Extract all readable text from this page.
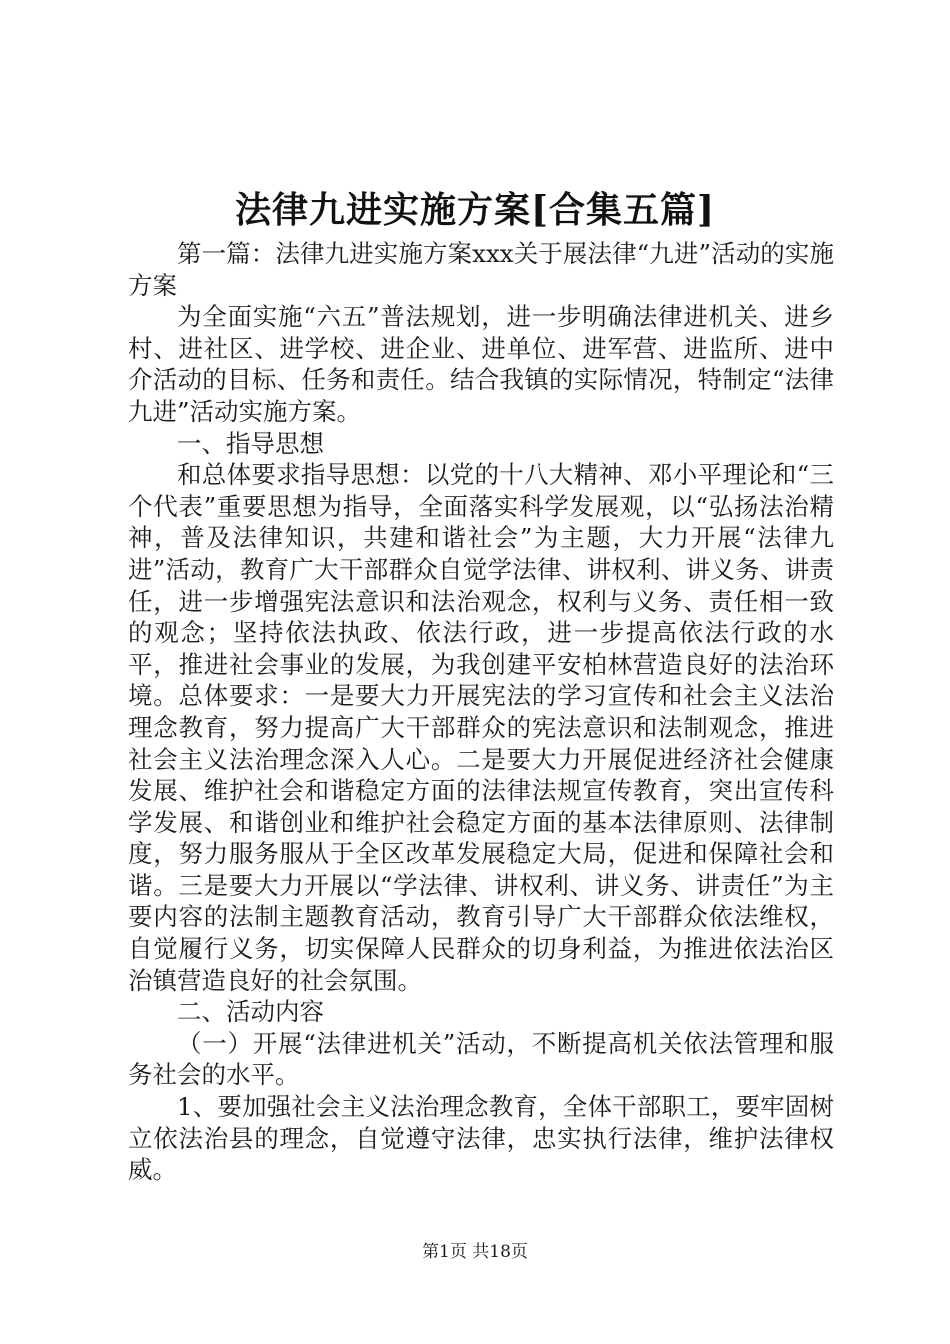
法律九进实施方案[合集五篇]

第一篇：法律九进实施方案xxx关于展法律“九进”活动的实施方案

为全面实施“六五”普法规划，进一步明确法律进机关、进乡村、进社区、进学校、进企业、进单位、进军营、进监所、进中介活动的目标、任务和责任。结合我镇的实际情况，特制定“法律九进”活动实施方案。

一、指导思想

和总体要求指导思想：以党的十八大精神、邓小平理论和“三个代表”重要思想为指导，全面落实科学发展观，以“弘扬法治精神，普及法律知识，共建和谐社会”为主题，大力开展“法律九进”活动，教育广大干部群众自觉学法律、讲权利、讲义务、讲责任，进一步增强宪法意识和法治观念，权利与义务、责任相一致的观念；坚持依法执政、依法行政，进一步提高依法行政的水平，推进社会事业的发展，为我创建平安柏林营造良好的法治环境。总体要求：一是要大力开展宪法的学习宣传和社会主义法治理念教育，努力提高广大干部群众的宪法意识和法制观念，推进社会主义法治理念深入人心。二是要大力开展促进经济社会健康发展、维护社会和谐稳定方面的法律法规宣传教育，突出宣传科学发展、和谐创业和维护社会稳定方面的基本法律原则、法律制度，努力服务服从于全区改革发展稳定大局，促进和保障社会和谐。三是要大力开展以“学法律、讲权利、讲义务、讲责任”为主要内容的法制主题教育活动，教育引导广大干部群众依法维权，自觉履行义务，切实保障人民群众的切身利益，为推进依法治区治镇营造良好的社会氛围。

二、活动内容

（一）开展“法律进机关”活动，不断提高机关依法管理和服务社会的水平。

1、要加强社会主义法治理念教育，全体干部职工，要牢固树立依法治县的理念，自觉遵守法律，忠实执行法律，维护法律权威。

第1页 共18页
